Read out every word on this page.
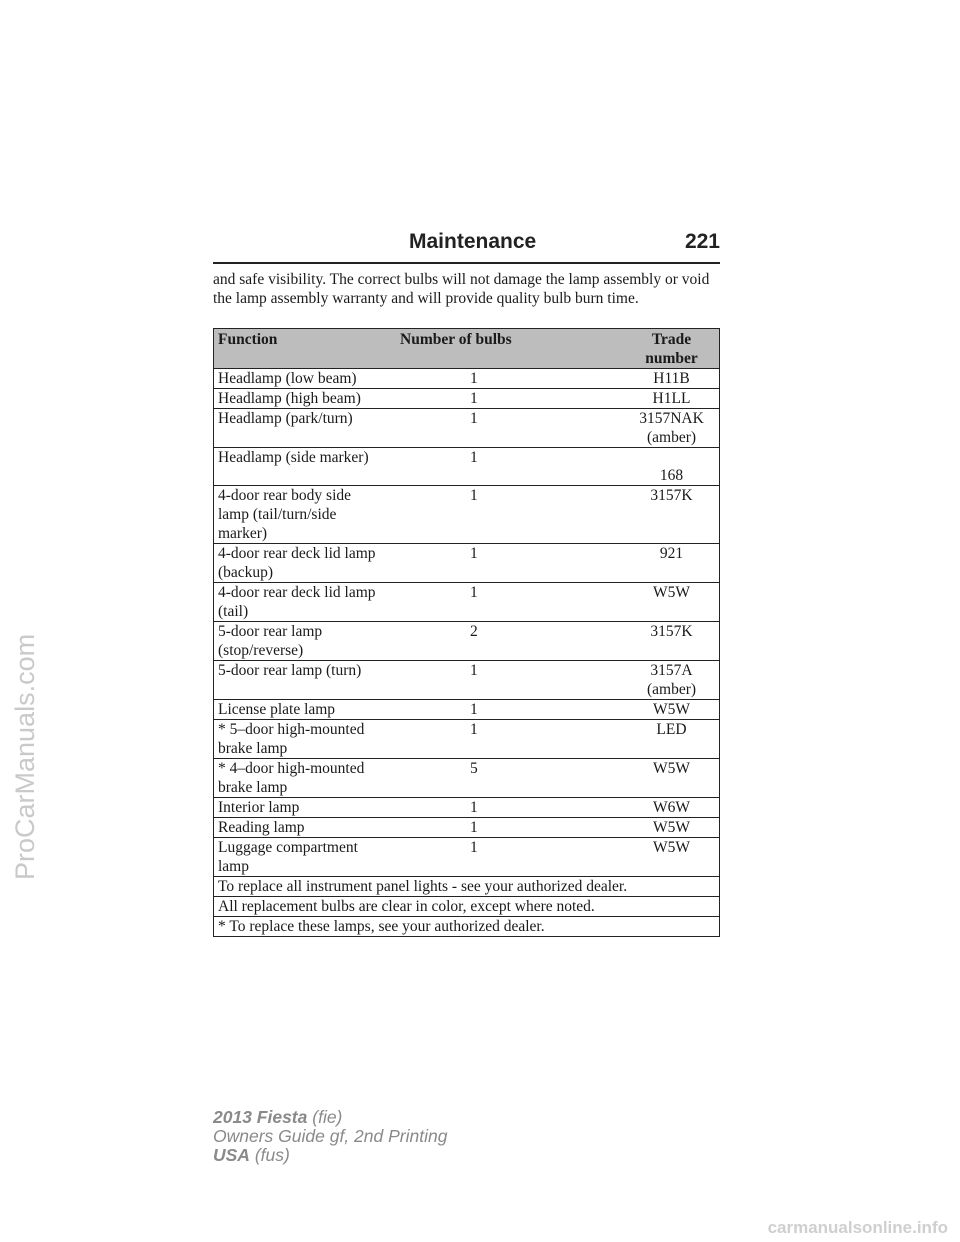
Maintenance	221

and safe visibility. The correct bulbs will not damage the lamp assembly or void the lamp assembly warranty and will provide quality bulb burn time.

Function	Number of bulbs	Trade number
Headlamp (low beam)	1	H11B
Headlamp (high beam)	1	H1LL
Headlamp (park/turn)	1	3157NAK (amber)
Headlamp (side marker)	1	168
4-door rear body side lamp (tail/turn/side marker)	1	3157K
4-door rear deck lid lamp (backup)	1	921
4-door rear deck lid lamp (tail)	1	W5W
5-door rear lamp (stop/reverse)	2	3157K
5-door rear lamp (turn)	1	3157A (amber)
License plate lamp	1	W5W
* 5–door high-mounted brake lamp	1	LED
* 4–door high-mounted brake lamp	5	W5W
Interior lamp	1	W6W
Reading lamp	1	W5W
Luggage compartment lamp	1	W5W
To replace all instrument panel lights - see your authorized dealer.		
All replacement bulbs are clear in color, except where noted.		
* To replace these lamps, see your authorized dealer.		
2013 Fiesta (fie)
Owners Guide gf, 2nd Printing
USA (fus)
ProCarManuals.com
carmanualsonline.info
